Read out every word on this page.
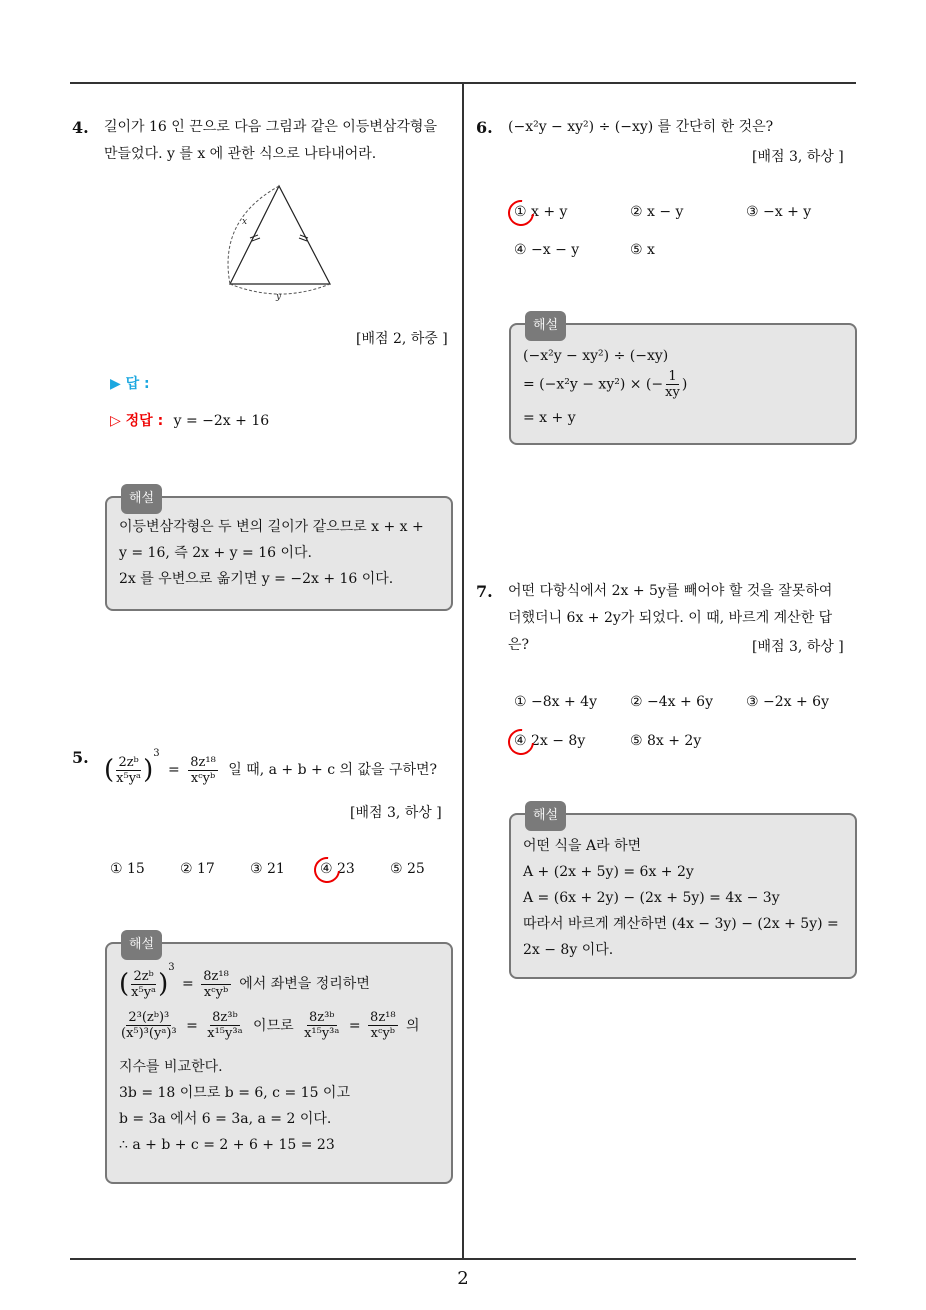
2
4. 길이가 16 인 끈으로 다음 그림과 같은 이등변삼각형을
만들었다. y 를 x 에 관한 식으로 나타내어라.
x
y
[배점 2, 하중 ]
▶ 답 :
▷ 정답 : y = −2x + 16
해설
이등변삼각형은 두 변의 길이가 같으므로 x + x +
y = 16, 즉 2x + y = 16 이다.
2x 를 우변으로 옮기면 y = −2x + 16 이다.
5. ( $\frac{\text{2zᵇ}}{\text{x⁵yᵃ}} )^3 = \frac{\text{8z¹⁸}}{\text{xᶜyᵇ}}$ 일 때, a + b + c 의 값을 구하면?
[배점 3, 하상 ]
① 15	② 17	③ 21	④ 23	⑤ 25
해설
( $\frac{\text{2zᵇ}}{\text{x⁵yᵃ}} )^3 = \frac{\text{8z¹⁸}}{\text{xᶜyᵇ}}$ 에서 좌변을 정리하면
$\frac{\text{2³(zᵇ)³}}{\text{(x⁵)³(yᵃ)³}} = \frac{\text{8z³ᵇ}}{\text{x¹⁵y³ᵃ}}$ 이므로 $\frac{\text{8z³ᵇ}}{\text{x¹⁵y³ᵃ}} = \frac{\text{8z¹⁸}}{\text{xᶜyᵇ}}$ 의
지수를 비교한다.
3b = 18 이므로 b = 6, c = 15 이고
b = 3a 에서 6 = 3a, a = 2 이다.
∴ a + b + c = 2 + 6 + 15 = 23
6. (−x²y − xy²) ÷ (−xy) 를 간단히 한 것은?
[배점 3, 하상 ]
① x + y	② x − y	③ −x + y
④ −x − y	⑤ x
해설
(−x²y − xy²) ÷ (−xy)
= (−x²y − xy²) × (− $\frac{1}{xy}$ )
= x + y
7. 어떤 다항식에서 2x + 5y를 빼어야 할 것을 잘못하여
더했더니 6x + 2y가 되었다. 이 때, 바르게 계산한 답
은?	[배점 3, 하상 ]
① −8x + 4y ② −4x + 6y ③ −2x + 6y
④ 2x − 8y	⑤ 8x + 2y
해설
어떤 식을 A라 하면
A + (2x + 5y) = 6x + 2y
A = (6x + 2y) − (2x + 5y) = 4x − 3y
따라서 바르게 계산하면 (4x − 3y) − (2x + 5y) =
2x − 8y 이다.
